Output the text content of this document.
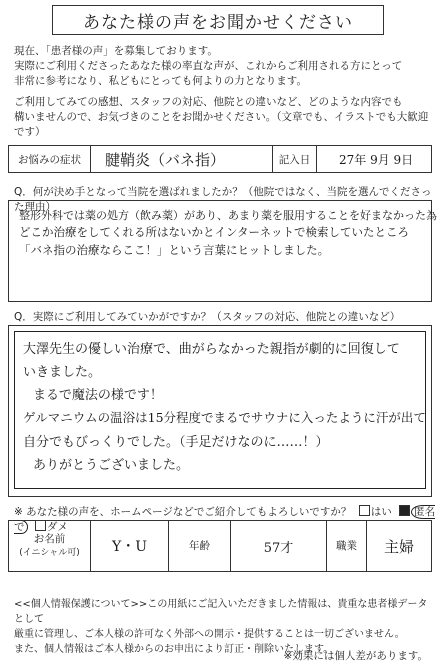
あなた様の声をお聞かせください

現在、「患者様の声」を募集しております。
実際にご利用くださったあなた様の率直な声が、これからご利用される方にとって
非常に参考になり、私どもにとっても何よりの力となります。

ご利用してみての感想、スタッフの対応、他院との違いなど、どのような内容でも
構いませんので、お気づきのことをお聞かせください。（文章でも、イラストでも大歓迎です）

お悩みの症状	腱鞘炎（バネ指）	記入日	27年 9月 9日
Q．何が決め手となって当院を選ばれましたか？（他院ではなく、当院を選んでくださった理由）
整形外科では薬の処方（飲み薬）があり、あまり薬を服用することを好まなかった為
どこか治療をしてくれる所はないかとインターネットで検索していたところ
「バネ指の治療ならここ！」という言葉にヒットしました。
Q．実際にご利用してみていかがですか？（スタッフの対応、他院との違いなど）
大澤先生の優しい治療で、曲がらなかった親指が劇的に回復して
いきました。
まるで魔法の様です！
ゲルマニウムの温浴は15分程度でまるでサウナに入ったように汗が出て
自分でもびっくりでした。（手足だけなのに……！）
ありがとうございました。
※ あなた様の声を、ホームページなどでご紹介してもよろしいですか？ はい 匿名で ダメ
お名前
(イニシャル可)	Y・U	年齢	57才	職業	主婦

<<個人情報保護について>>この用紙にご記入いただきました情報は、貴重な患者様データとして

厳重に管理し、ご本人様の許可なく外部への開示・提供することは一切ございません。

また、個人情報はご本人様からのお申出により訂正・削除いたします。

※効果には個人差があります。
